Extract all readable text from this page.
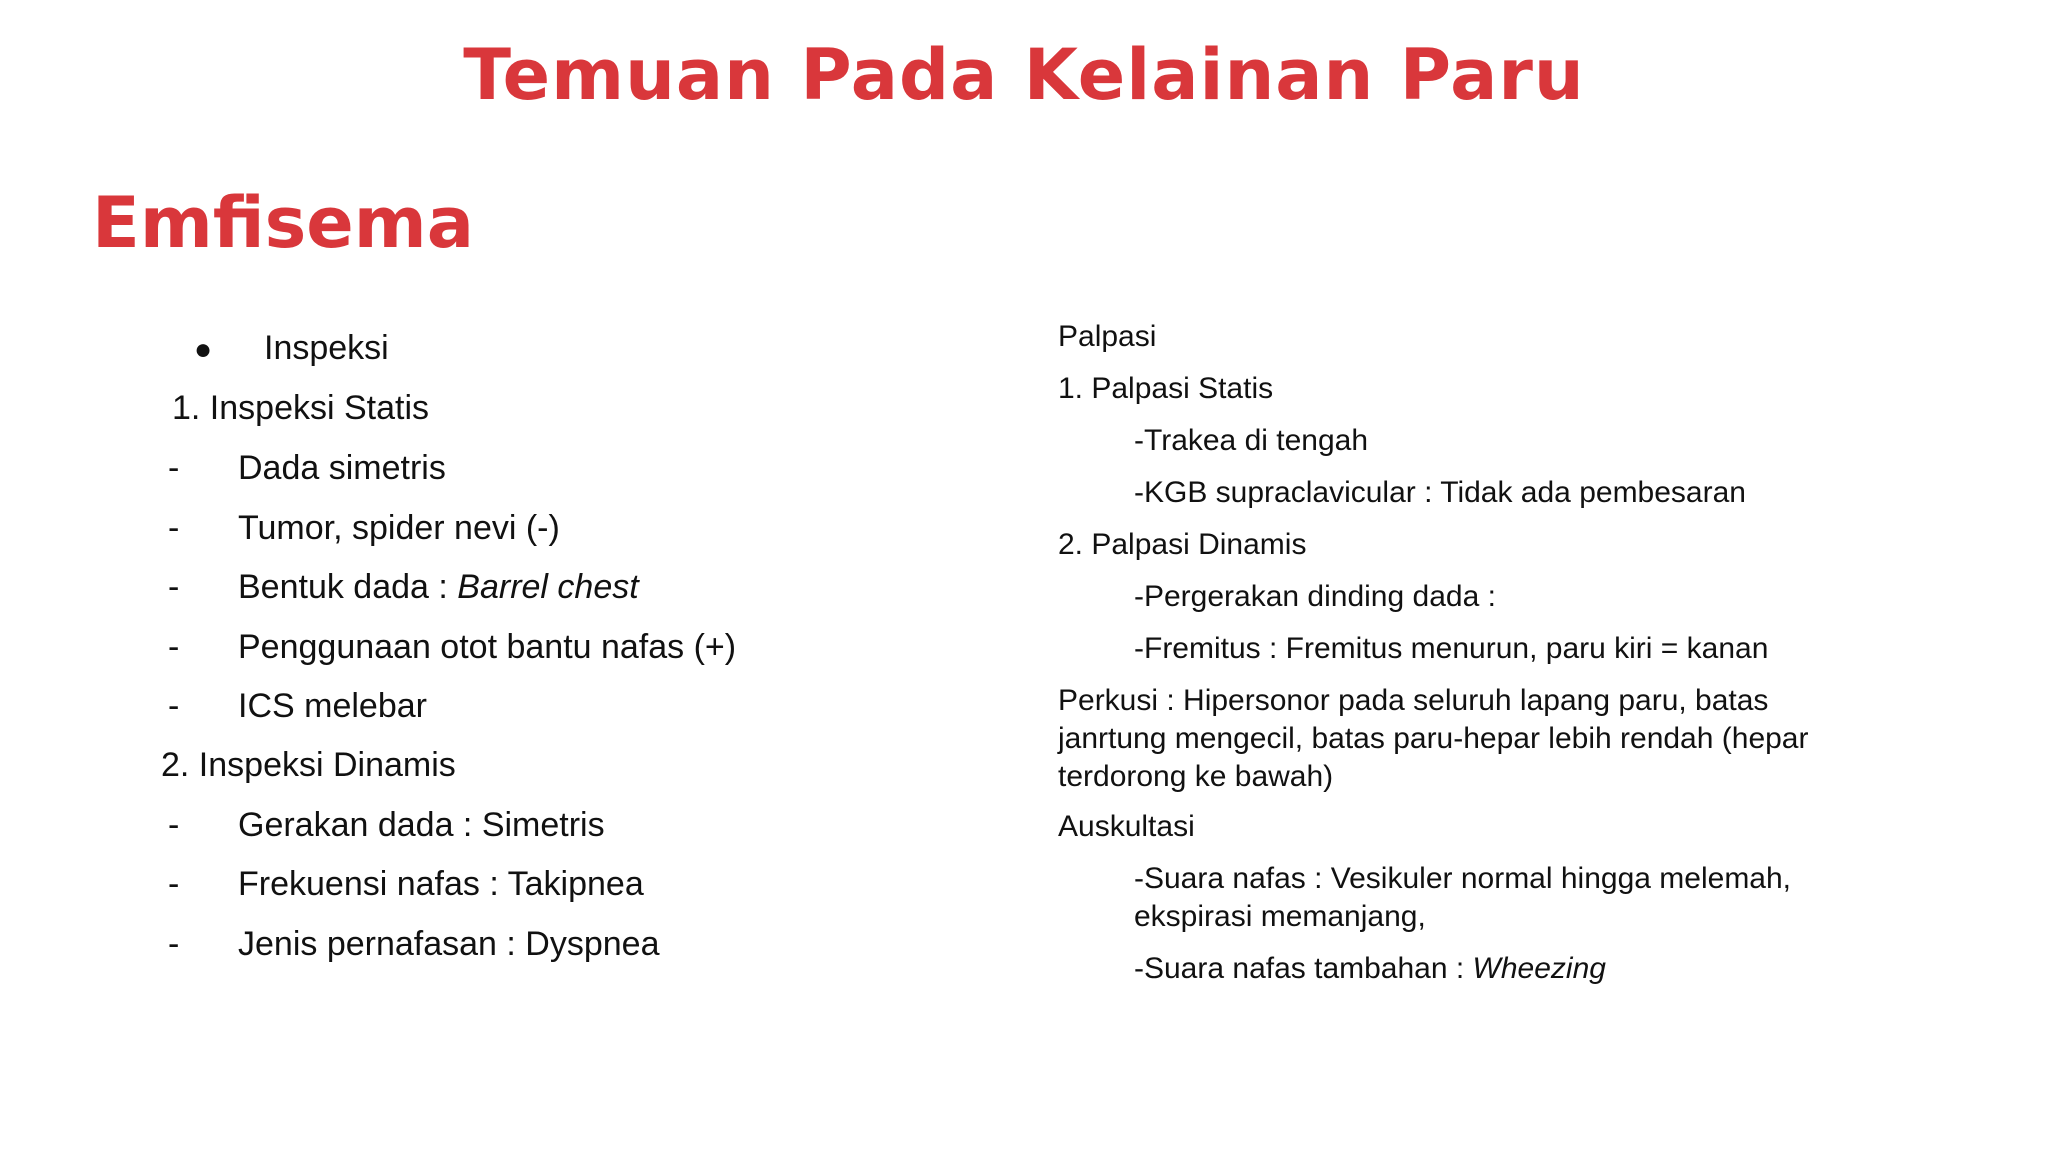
Temuan Pada Kelainan Paru
Emfisema
● Inspeksi
1. Inspeksi Statis
- Dada simetris
- Tumor, spider nevi (-)
- Bentuk dada : Barrel chest
- Penggunaan otot bantu nafas (+)
- ICS melebar
2. Inspeksi Dinamis
- Gerakan dada : Simetris
- Frekuensi nafas : Takipnea
- Jenis pernafasan : Dyspnea
Palpasi
1. Palpasi Statis
-Trakea di tengah
-KGB supraclavicular : Tidak ada pembesaran
2. Palpasi Dinamis
-Pergerakan dinding dada :
-Fremitus : Fremitus menurun, paru kiri = kanan
Perkusi : Hipersonor pada seluruh lapang paru, batas janrtung mengecil, batas paru-hepar lebih rendah (hepar terdorong ke bawah)
Auskultasi
-Suara nafas : Vesikuler normal hingga melemah, ekspirasi memanjang,
-Suara nafas tambahan : Wheezing
